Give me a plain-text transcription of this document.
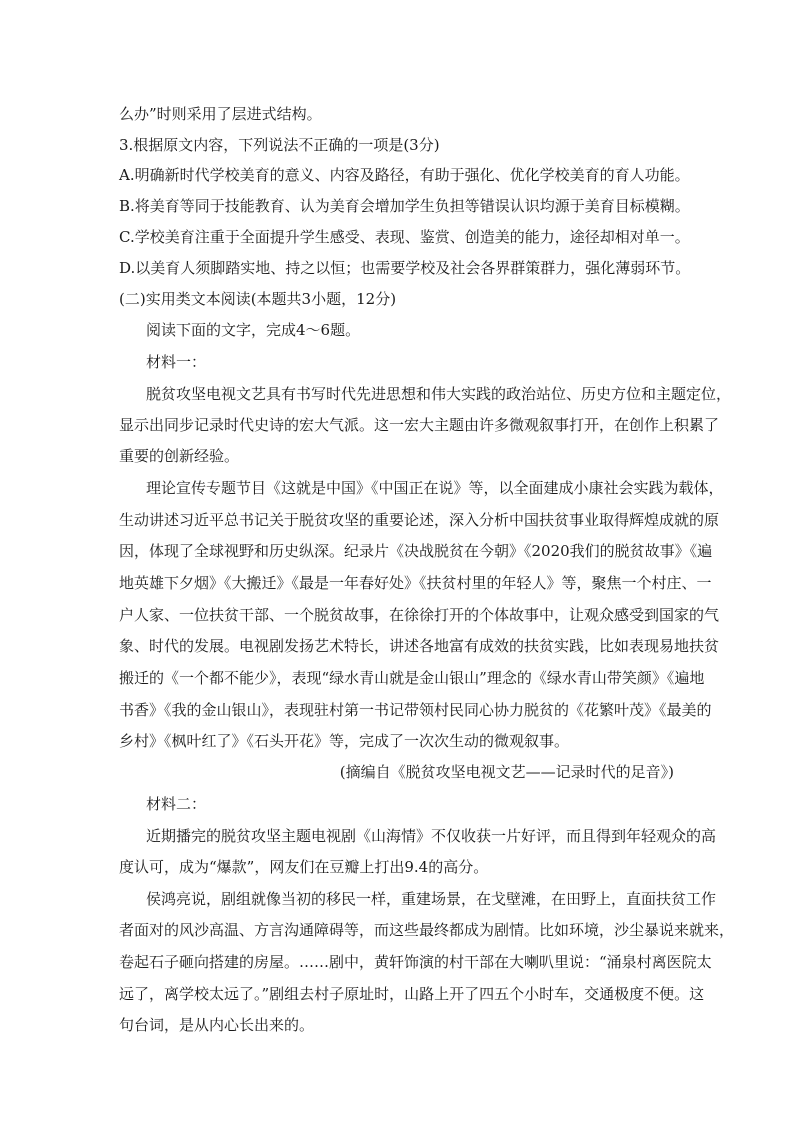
么办”时则采用了层进式结构。
3.根据原文内容，下列说法不正确的一项是(3分)
A.明确新时代学校美育的意义、内容及路径，有助于强化、优化学校美育的育人功能。
B.将美育等同于技能教育、认为美育会增加学生负担等错误认识均源于美育目标模糊。
C.学校美育注重于全面提升学生感受、表现、鉴赏、创造美的能力，途径却相对单一。
D.以美育人须脚踏实地、持之以恒；也需要学校及社会各界群策群力，强化薄弱环节。
(二)实用类文本阅读(本题共3小题，12分)
阅读下面的文字，完成4～6题。
材料一：
脱贫攻坚电视文艺具有书写时代先进思想和伟大实践的政治站位、历史方位和主题定位，
显示出同步记录时代史诗的宏大气派。这一宏大主题由许多微观叙事打开，在创作上积累了
重要的创新经验。
理论宣传专题节目《这就是中国》《中国正在说》等，以全面建成小康社会实践为载体，
生动讲述习近平总书记关于脱贫攻坚的重要论述，深入分析中国扶贫事业取得辉煌成就的原
因，体现了全球视野和历史纵深。纪录片《决战脱贫在今朝》《2020我们的脱贫故事》《遍
地英雄下夕烟》《大搬迁》《最是一年春好处》《扶贫村里的年轻人》等，聚焦一个村庄、一
户人家、一位扶贫干部、一个脱贫故事，在徐徐打开的个体故事中，让观众感受到国家的气
象、时代的发展。电视剧发扬艺术特长，讲述各地富有成效的扶贫实践，比如表现易地扶贫
搬迁的《一个都不能少》，表现“绿水青山就是金山银山”理念的《绿水青山带笑颜》《遍地
书香》《我的金山银山》，表现驻村第一书记带领村民同心协力脱贫的《花繁叶茂》《最美的
乡村》《枫叶红了》《石头开花》等，完成了一次次生动的微观叙事。
(摘编自《脱贫攻坚电视文艺——记录时代的足音》)
材料二：
近期播完的脱贫攻坚主题电视剧《山海情》不仅收获一片好评，而且得到年轻观众的高
度认可，成为“爆款”，网友们在豆瓣上打出9.4的高分。
侯鸿亮说，剧组就像当初的移民一样，重建场景，在戈壁滩，在田野上，直面扶贫工作
者面对的风沙高温、方言沟通障碍等，而这些最终都成为剧情。比如环境，沙尘暴说来就来，
卷起石子砸向搭建的房屋。……剧中，黄轩饰演的村干部在大喇叭里说：“涌泉村离医院太
远了，离学校太远了。”剧组去村子原址时，山路上开了四五个小时车，交通极度不便。这
句台词，是从内心长出来的。
